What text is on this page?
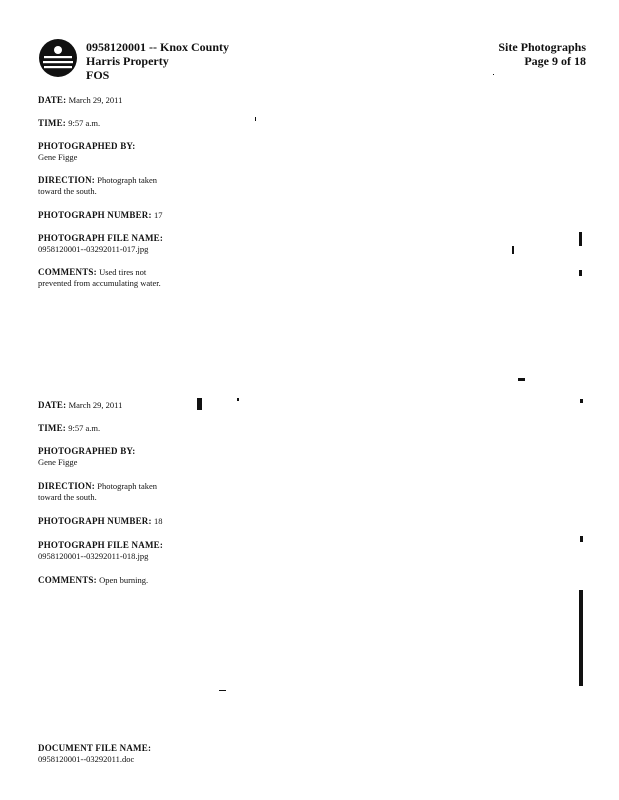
0958120001 -- Knox County
Harris Property
FOS
Site Photographs
Page 9 of 18
DATE: March 29, 2011
TIME: 9:57 a.m.
PHOTOGRAPHED BY:
Gene Figge
DIRECTION: Photograph taken
toward the south.
PHOTOGRAPH NUMBER: 17
PHOTOGRAPH FILE NAME:
0958120001--03292011-017.jpg
COMMENTS: Used tires not
prevented from accumulating water.
DATE: March 29, 2011
TIME: 9:57 a.m.
PHOTOGRAPHED BY:
Gene Figge
DIRECTION: Photograph taken
toward the south.
PHOTOGRAPH NUMBER: 18
PHOTOGRAPH FILE NAME:
0958120001--03292011-018.jpg
COMMENTS: Open burning.
DOCUMENT FILE NAME:
0958120001--03292011.doc
